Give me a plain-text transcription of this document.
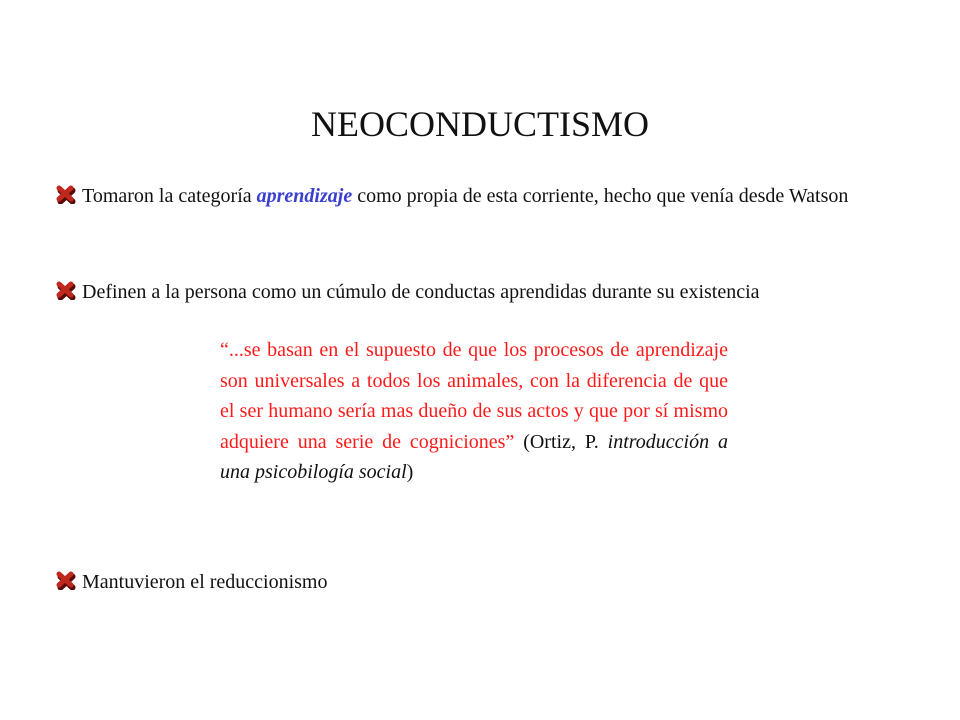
NEOCONDUCTISMO
Tomaron la categoría aprendizaje como propia de esta corriente, hecho que venía desde Watson
Definen a la persona como un cúmulo de conductas aprendidas durante su existencia
“...se basan en el supuesto de que los procesos de aprendizaje son universales a todos los animales, con la diferencia de que el ser humano sería mas dueño de sus actos y que por sí mismo adquiere una serie de cogniciones” (Ortiz, P. introducción a una psicobilogía social)
Mantuvieron el reduccionismo
